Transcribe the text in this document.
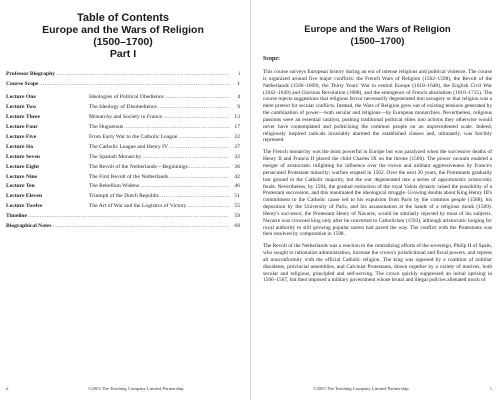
Table of Contents
Europe and the Wars of Religion
(1500–1700)
Part I
Professor Biography .....	i
Course Scope .....	1
Lecture One	Ideologies of Political Obedience .....	4
Lecture Two	The Ideology of Disobedience .....	9
Lecture Three	Monarchy and Society in France .....	13
Lecture Four	The Huguenots .....	17
Lecture Five	From Early War to the Catholic League .....	22
Lecture Six	The Catholic League and Henry IV .....	27
Lecture Seven	The Spanish Monarchy .....	32
Lecture Eight	The Revolt of the Netherlands—Beginnings .....	36
Lecture Nine	The First Revolt of the Netherlands .....	42
Lecture Ten	The Rebellion Widens .....	46
Lecture Eleven	Triumph of the Dutch Republic .....	51
Lecture Twelve	The Art of War and the Logistics of Victory .....	55
Timeline .....	59
Biographical Notes .....	68
ii	©2003 The Teaching Company Limited Partnership
Europe and the Wars of Religion
(1500–1700)
Scope:

This course surveys European history during an era of intense religious and political violence. The course is organized around five major conflicts: the French Wars of Religion (1562–1598), the Revolt of the Netherlands (1566–1609), the Thirty Years' War in central Europe (1618–1648), the English Civil War (1642–1649) and Glorious Revolution (1688), and the emergence of French absolutism (1610–1715). The course rejects suggestions that religious fervor necessarily degenerated into savagery or that religion was a mere pretext for secular conflicts. Instead, the Wars of Religion grew out of existing tensions generated by the combination of power—both secular and religious—by European monarchies. Nevertheless, religious passions were an essential catalyst, pushing traditional political elites into actions they otherwise would never have contemplated and politicizing the common people on an unprecedented scale. Indeed, religiously inspired radicals invariably alarmed the established classes and, ultimately, was forcibly repressed.

The French monarchy was the most powerful in Europe but was paralyzed when the successive deaths of Henry II and Francis II placed the child Charles IX on the throne (1560). The power vacuum enabled a merger of aristocratic infighting for influence over the crown and militant aggressiveness by France's persecuted Protestant minority; warfare erupted in 1562. Over the next 20 years, the Protestants gradually lost ground to the Catholic majority, but the war degenerated into a series of opportunistic aristocratic feuds. Nevertheless, by 1584, the gradual extinction of the royal Valois dynasty raised the possibility of a Protestant succession, and this reanimated the ideological struggle. Growing doubts about King Henry III's commitment to the Catholic cause led to his expulsion from Paris by the common people (1588), his deposition by the University of Paris, and his assassination at the hands of a religious monk (1589). Henry's successor, the Protestant Henry of Navarre, would be similarly rejected by most of his subjects. Navarre was crowned king only after he converted to Catholicism (1593), although aristocratic longing for royal authority to still growing popular unrest had paved the way. The conflict with the Protestants was then resolved by compromise in 1598.

The Revolt of the Netherlands was a reaction to the centralizing efforts of the sovereign, Philip II of Spain, who sought to rationalize administration, increase the crown's jurisdictional and fiscal powers, and repress all nonconformity with the official Catholic religion. The king was opposed by a coalition of nobiliar dissidents, provincial assemblies, and Calvinist Protestants, drawn together by a variety of motives, both secular and religious, principled and self-serving. The crown quickly suppressed an initial uprising in 1566–1567, but then imposed a military government whose brutal and illegal policies alienated much of

©2003 The Teaching Company Limited Partnership	1
